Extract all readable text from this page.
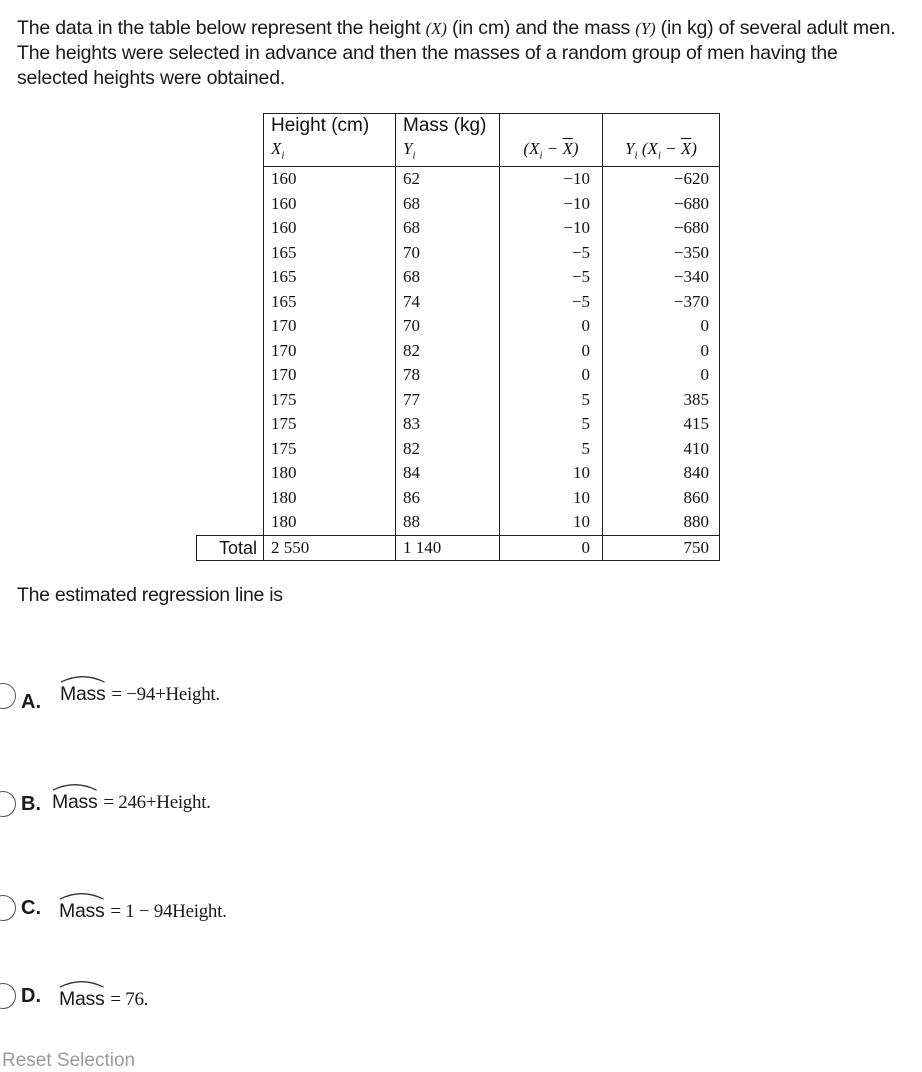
The data in the table below represent the height (X) (in cm) and the mass (Y) (in kg) of several adult men. The heights were selected in advance and then the masses of a random group of men having the selected heights were obtained.
	Height (cm)	Mass (kg)		
	$X_i$	$Y_i$	$(X_i - \overline{X})$	$Y_i$ $(X_i - \overline{X})$
	160	62	−10	−620
	160	68	−10	−680
	160	68	−10	−680
	165	70	−5	−350
	165	68	−5	−340
	165	74	−5	−370
	170	70	0	0
	170	82	0	0
	170	78	0	0
	175	77	5	385
	175	83	5	415
	175	82	5	410
	180	84	10	840
	180	86	10	860
	180	88	10	880
Total	2 550	1 140	0	750
The estimated regression line is
A. Mass = −94+Height.
B. Mass = 246+Height.
C. Mass = 1 − 94Height.
D. Mass = 76.
Reset Selection
